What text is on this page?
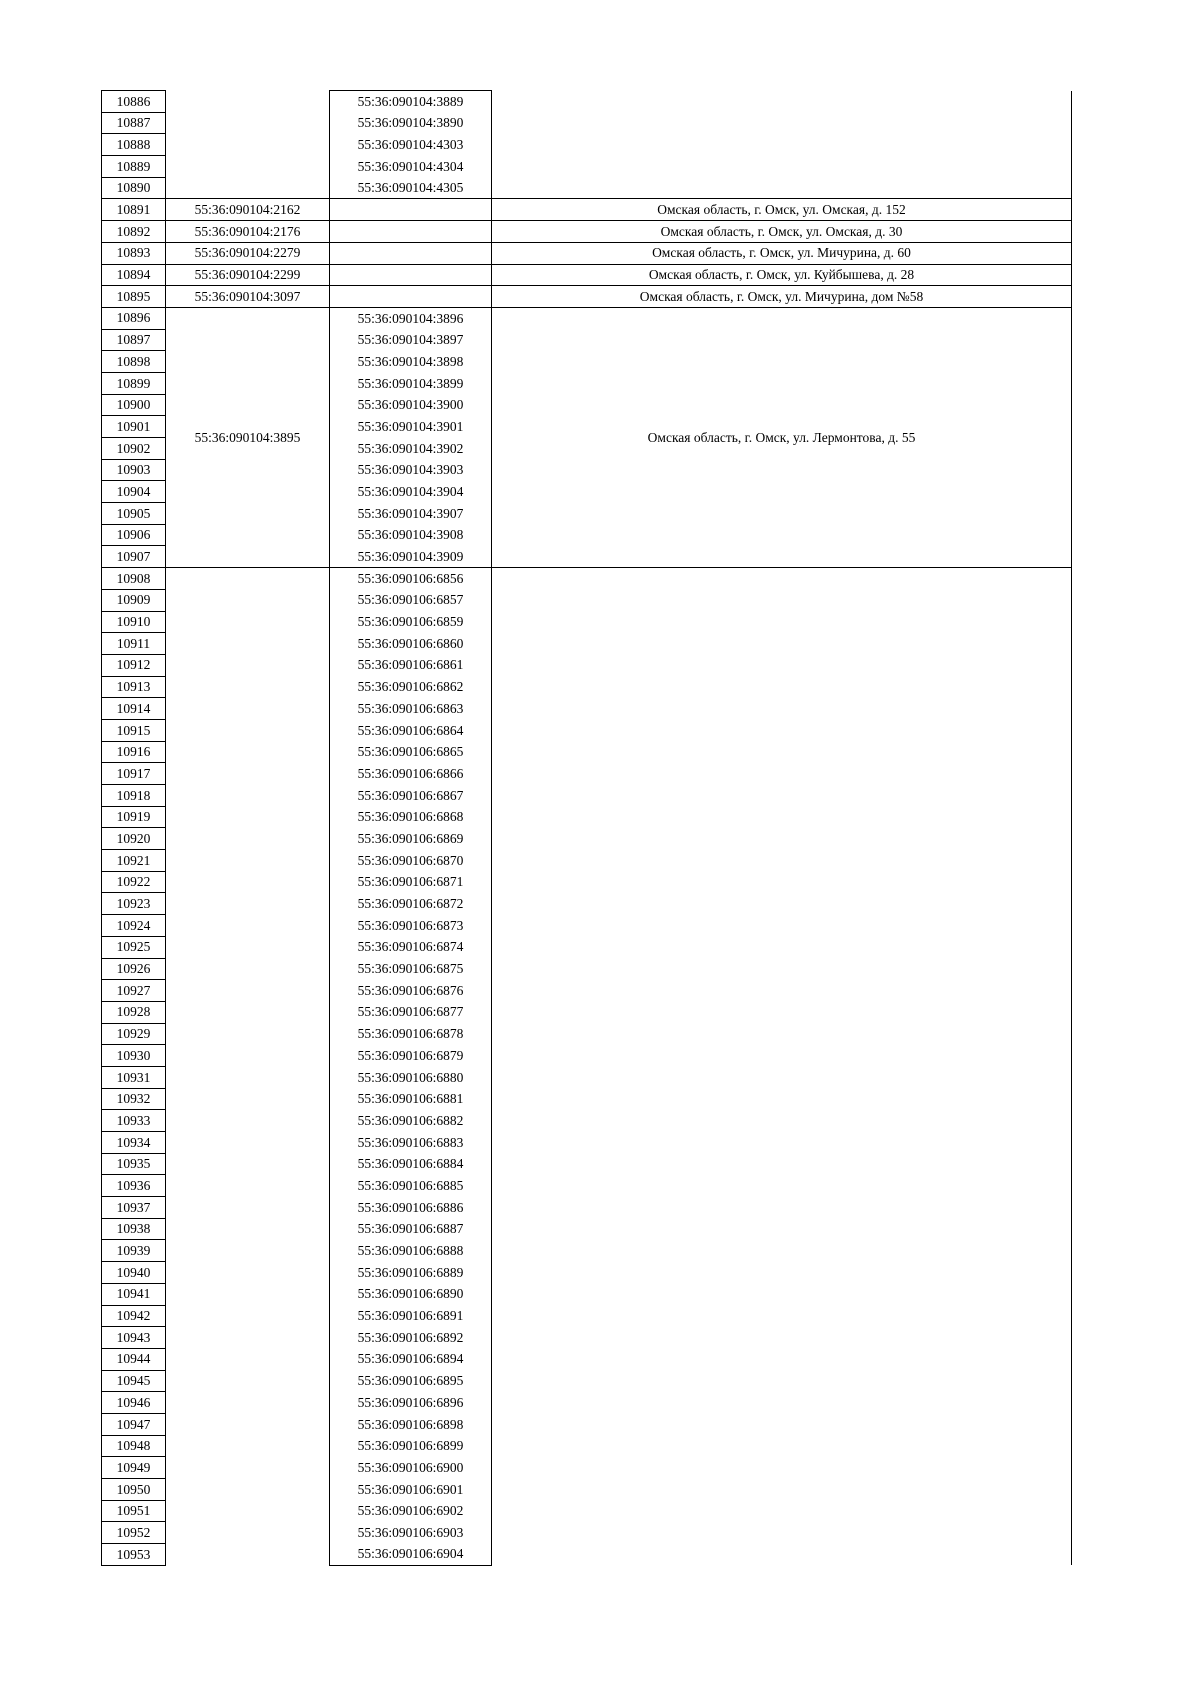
10886		55:36:090104:3889	
10887		55:36:090104:3890	
10888		55:36:090104:4303	
10889		55:36:090104:4304	
10890		55:36:090104:4305	
10891	55:36:090104:2162		Омская область, г. Омск, ул. Омская, д. 152
10892	55:36:090104:2176		Омская область, г. Омск, ул. Омская, д. 30
10893	55:36:090104:2279		Омская область, г. Омск, ул. Мичурина, д. 60
10894	55:36:090104:2299		Омская область, г. Омск, ул. Куйбышева, д. 28
10895	55:36:090104:3097		Омская область, г. Омск, ул. Мичурина, дом №58
10896	55:36:090104:3895	55:36:090104:3896	Омская область, г. Омск, ул. Лермонтова, д. 55
10897		55:36:090104:3897	
10898		55:36:090104:3898	
10899		55:36:090104:3899	
10900		55:36:090104:3900	
10901		55:36:090104:3901	
10902		55:36:090104:3902	
10903		55:36:090104:3903	
10904		55:36:090104:3904	
10905		55:36:090104:3907	
10906		55:36:090104:3908	
10907		55:36:090104:3909	
10908		55:36:090106:6856	
10909		55:36:090106:6857	
10910		55:36:090106:6859	
10911		55:36:090106:6860	
10912		55:36:090106:6861	
10913		55:36:090106:6862	
10914		55:36:090106:6863	
10915		55:36:090106:6864	
10916		55:36:090106:6865	
10917		55:36:090106:6866	
10918		55:36:090106:6867	
10919		55:36:090106:6868	
10920		55:36:090106:6869	
10921		55:36:090106:6870	
10922		55:36:090106:6871	
10923		55:36:090106:6872	
10924		55:36:090106:6873	
10925		55:36:090106:6874	
10926		55:36:090106:6875	
10927		55:36:090106:6876	
10928		55:36:090106:6877	
10929		55:36:090106:6878	
10930		55:36:090106:6879	
10931		55:36:090106:6880	
10932		55:36:090106:6881	
10933		55:36:090106:6882	
10934		55:36:090106:6883	
10935		55:36:090106:6884	
10936		55:36:090106:6885	
10937		55:36:090106:6886	
10938		55:36:090106:6887	
10939		55:36:090106:6888	
10940		55:36:090106:6889	
10941		55:36:090106:6890	
10942		55:36:090106:6891	
10943		55:36:090106:6892	
10944		55:36:090106:6894	
10945		55:36:090106:6895	
10946		55:36:090106:6896	
10947		55:36:090106:6898	
10948		55:36:090106:6899	
10949		55:36:090106:6900	
10950		55:36:090106:6901	
10951		55:36:090106:6902	
10952		55:36:090106:6903	
10953		55:36:090106:6904	
